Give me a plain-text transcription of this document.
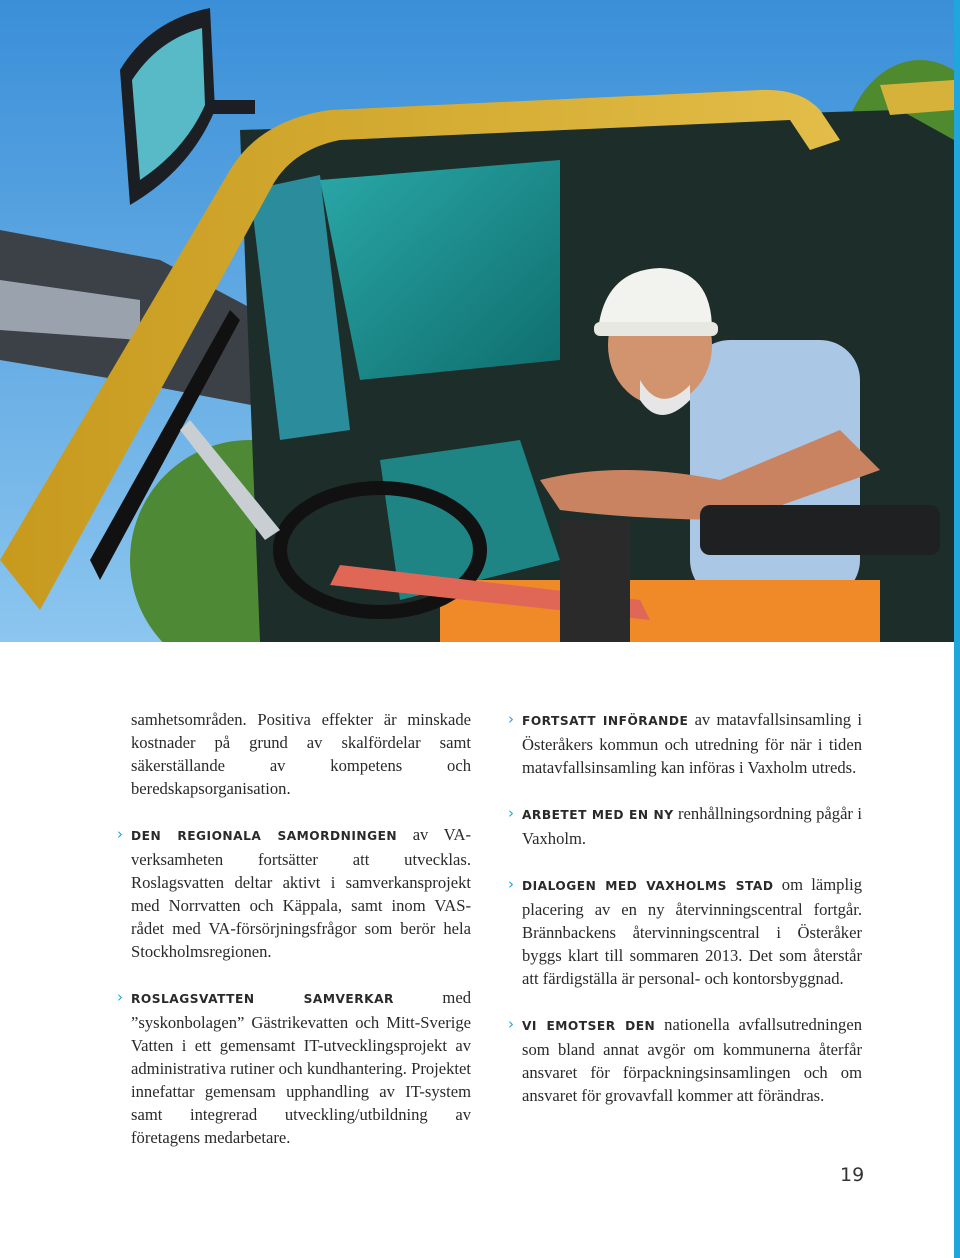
samhetsområden. Positiva effekter är minskade kostnader på grund av skalfördelar samt säkerställande av kompetens och beredskapsorganisation.

› DEN REGIONALA SAMORDNINGEN av VA-verksamheten fortsätter att utvecklas. Roslagsvatten deltar aktivt i samverkansprojekt med Norrvatten och Käppala, samt inom VAS-rådet med VA-försörjningsfrågor som berör hela Stockholmsregionen.

› ROSLAGSVATTEN SAMVERKAR med ”syskonbolagen” Gästrikevatten och Mitt-Sverige Vatten i ett gemensamt IT-utvecklingsprojekt av administrativa rutiner och kundhantering. Projektet innefattar gemensam upphandling av IT-system samt integrerad utveckling/utbildning av företagens medarbetare.

› FORTSATT INFÖRANDE av matavfallsinsamling i Österåkers kommun och utredning för när i tiden matavfallsinsamling kan införas i Vaxholm utreds.

› ARBETET MED EN NY renhållningsordning pågår i Vaxholm.

› DIALOGEN MED VAXHOLMS STAD om lämplig placering av en ny återvinningscentral fortgår. Brännbackens återvinningscentral i Österåker byggs klart till sommaren 2013. Det som återstår att färdigställa är personal- och kontorsbyggnad.

› VI EMOTSER DEN nationella avfallsutredningen som bland annat avgör om kommunerna återfår ansvaret för förpackningsinsamlingen och om ansvaret för grovavfall kommer att förändras.

19
